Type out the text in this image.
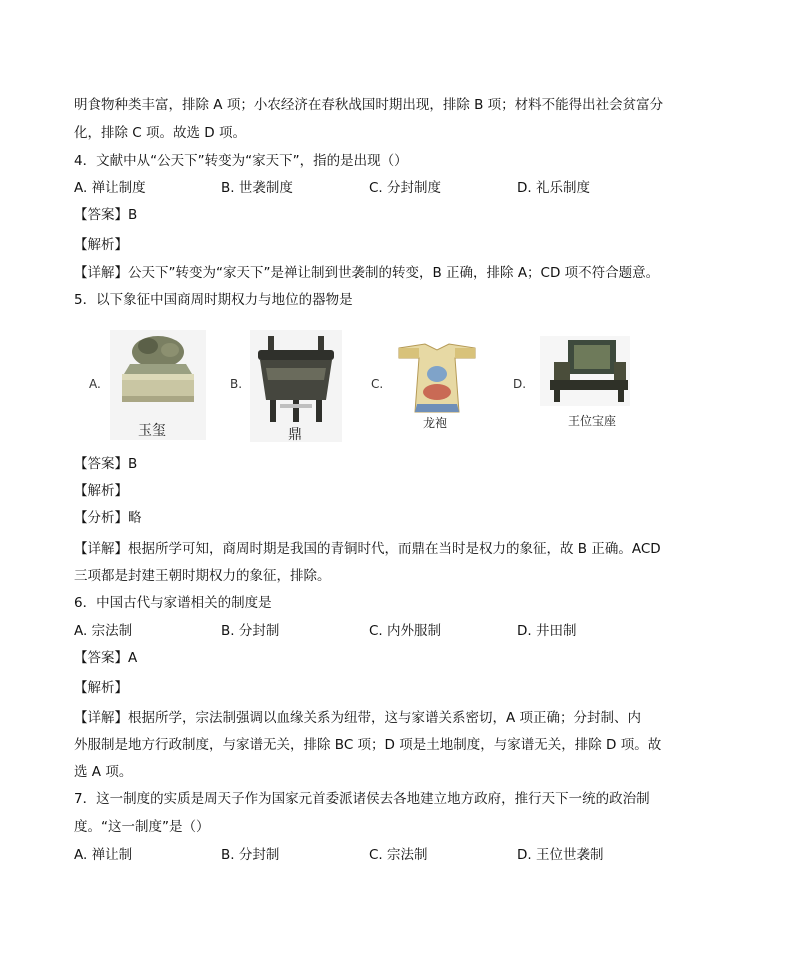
明食物种类丰富，排除 A 项；小农经济在春秋战国时期出现，排除 B 项；材料不能得出社会贫富分
化，排除 C 项。故选 D 项。
4．文献中从“公天下”转变为“家天下”，指的是出现（）
A. 禅让制度	B. 世袭制度	C. 分封制度	D. 礼乐制度
【答案】B
【解析】
【详解】公天下”转变为“家天下”是禅让制到世袭制的转变，B 正确，排除 A；CD 项不符合题意。
5．以下象征中国商周时期权力与地位的器物是
A.
玉玺
B.
鼎
C.
龙袍
D.
王位宝座
【答案】B
【解析】
【分析】略
【详解】根据所学可知，商周时期是我国的青铜时代，而鼎在当时是权力的象征，故 B 正确。ACD
三项都是封建王朝时期权力的象征，排除。
6．中国古代与家谱相关的制度是
A. 宗法制	B. 分封制	C. 内外服制	D. 井田制
【答案】A
【解析】
【详解】根据所学，宗法制强调以血缘关系为纽带，这与家谱关系密切，A 项正确；分封制、内
外服制是地方行政制度，与家谱无关，排除 BC 项；D 项是土地制度，与家谱无关，排除 D 项。故
选 A 项。
7．这一制度的实质是周天子作为国家元首委派诸侯去各地建立地方政府，推行天下一统的政治制
度。“这一制度”是（）
A. 禅让制	B. 分封制	C. 宗法制	D. 王位世袭制
